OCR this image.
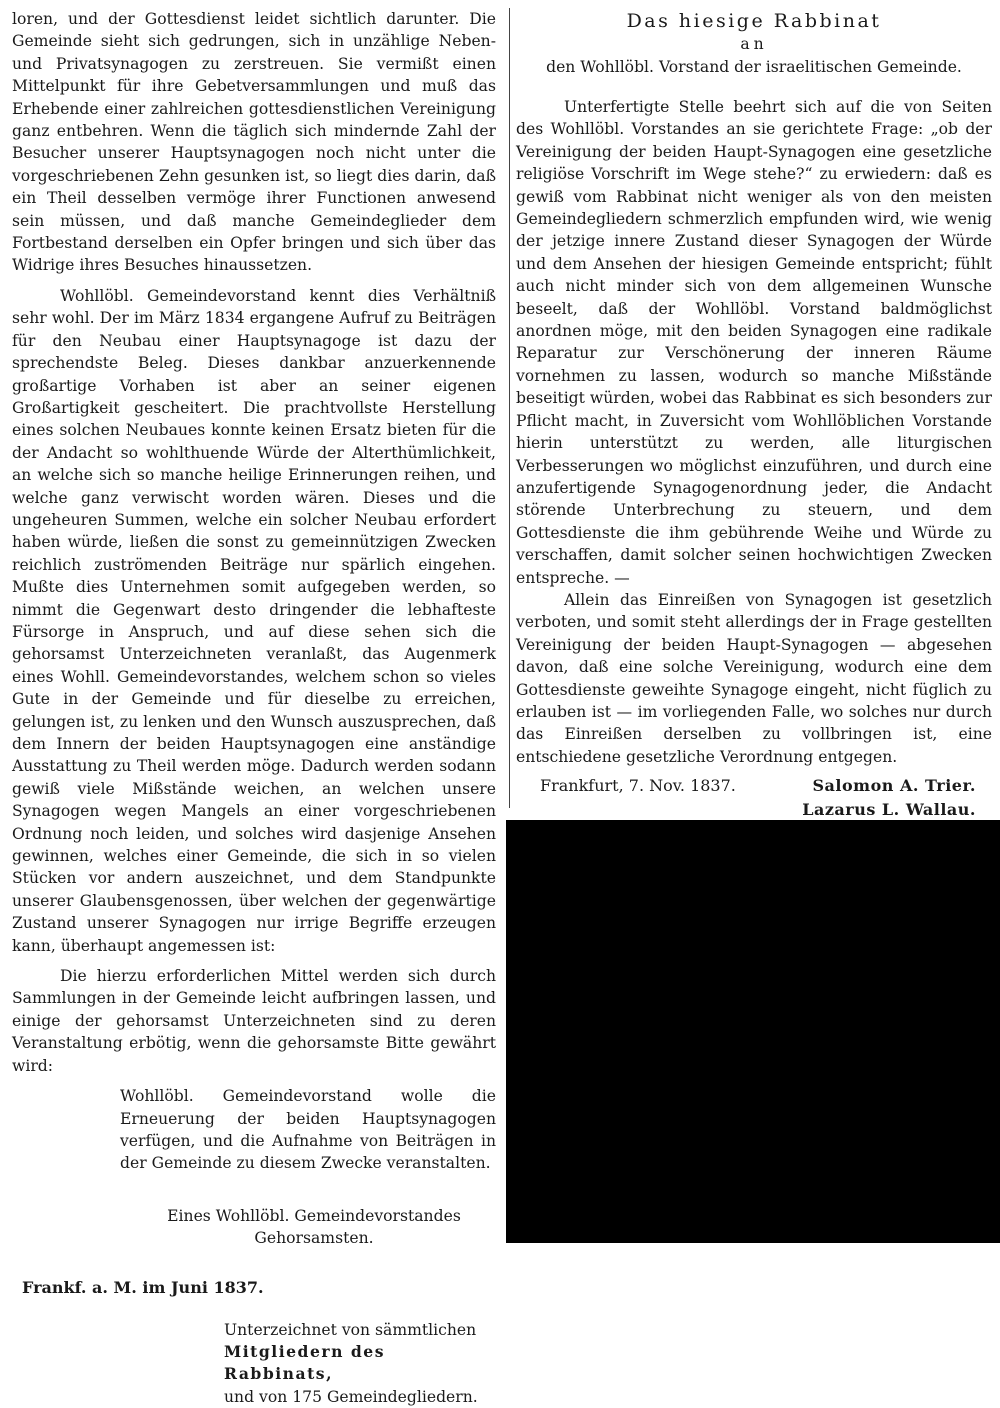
loren, und der Gottesdienst leidet sichtlich darunter. Die Gemeinde sieht sich gedrungen, sich in unzählige Neben- und Privatsynagogen zu zerstreuen. Sie vermißt einen Mittelpunkt für ihre Gebetversammlungen und muß das Erhebende einer zahlreichen gottesdienstlichen Vereinigung ganz entbehren. Wenn die täglich sich mindernde Zahl der Besucher unserer Hauptsynagogen noch nicht unter die vorgeschriebenen Zehn gesunken ist, so liegt dies darin, daß ein Theil desselben vermöge ihrer Functionen anwesend sein müssen, und daß manche Gemeindeglieder dem Fortbestand derselben ein Opfer bringen und sich über das Widrige ihres Besuches hinaussetzen.

Wohllöbl. Gemeindevorstand kennt dies Verhältniß sehr wohl. Der im März 1834 ergangene Aufruf zu Beiträgen für den Neubau einer Hauptsynagoge ist dazu der sprechendste Beleg. Dieses dankbar anzuerkennende großartige Vorhaben ist aber an seiner eigenen Großartigkeit gescheitert. Die prachtvollste Herstellung eines solchen Neubaues konnte keinen Ersatz bieten für die der Andacht so wohlthuende Würde der Alterthümlichkeit, an welche sich so manche heilige Erinnerungen reihen, und welche ganz verwischt worden wären. Dieses und die ungeheuren Summen, welche ein solcher Neubau erfordert haben würde, ließen die sonst zu gemeinnützigen Zwecken reichlich zuströmenden Beiträge nur spärlich eingehen. Mußte dies Unternehmen somit aufgegeben werden, so nimmt die Gegenwart desto dringender die lebhafteste Fürsorge in Anspruch, und auf diese sehen sich die gehorsamst Unterzeichneten veranlaßt, das Augenmerk eines Wohll. Gemeindevorstandes, welchem schon so vieles Gute in der Gemeinde und für dieselbe zu erreichen, gelungen ist, zu lenken und den Wunsch auszusprechen, daß dem Innern der beiden Hauptsynagogen eine anständige Ausstattung zu Theil werden möge. Dadurch werden sodann gewiß viele Mißstände weichen, an welchen unsere Synagogen wegen Mangels an einer vorgeschriebenen Ordnung noch leiden, und solches wird dasjenige Ansehen gewinnen, welches einer Gemeinde, die sich in so vielen Stücken vor andern auszeichnet, und dem Standpunkte unserer Glaubensgenossen, über welchen der gegenwärtige Zustand unserer Synagogen nur irrige Begriffe erzeugen kann, überhaupt angemessen ist:

Die hierzu erforderlichen Mittel werden sich durch Sammlungen in der Gemeinde leicht aufbringen lassen, und einige der gehorsamst Unterzeichneten sind zu deren Veranstaltung erbötig, wenn die gehorsamste Bitte gewährt wird:

Wohllöbl. Gemeindevorstand wolle die Erneuerung der beiden Hauptsynagogen verfügen, und die Aufnahme von Beiträgen in der Gemeinde zu diesem Zwecke veranstalten.

Eines Wohllöbl. Gemeindevorstandes
Gehorsamsten.
Frankf. a. M. im Juni 1837.
Unterzeichnet von sämmtlichen
Mitgliedern des Rabbinats,
und von 175 Gemeindegliedern.

Das hiesige Rabbinat

an

den Wohllöbl. Vorstand der israelitischen Gemeinde.

Unterfertigte Stelle beehrt sich auf die von Seiten des Wohllöbl. Vorstandes an sie gerichtete Frage: „ob der Vereinigung der beiden Haupt-Synagogen eine gesetzliche religiöse Vorschrift im Wege stehe?“ zu erwiedern: daß es gewiß vom Rabbinat nicht weniger als von den meisten Gemeindegliedern schmerzlich empfunden wird, wie wenig der jetzige innere Zustand dieser Synagogen der Würde und dem Ansehen der hiesigen Gemeinde entspricht; fühlt auch nicht minder sich von dem allgemeinen Wunsche beseelt, daß der Wohllöbl. Vorstand baldmöglichst anordnen möge, mit den beiden Synagogen eine radikale Reparatur zur Verschönerung der inneren Räume vornehmen zu lassen, wodurch so manche Mißstände beseitigt würden, wobei das Rabbinat es sich besonders zur Pflicht macht, in Zuversicht vom Wohllöblichen Vorstande hierin unterstützt zu werden, alle liturgischen Verbesserungen wo möglichst einzuführen, und durch eine anzufertigende Synagogenordnung jeder, die Andacht störende Unterbrechung zu steuern, und dem Gottesdienste die ihm gebührende Weihe und Würde zu verschaffen, damit solcher seinen hochwichtigen Zwecken entspreche. —

Allein das Einreißen von Synagogen ist gesetzlich verboten, und somit steht allerdings der in Frage gestellten Vereinigung der beiden Haupt-Synagogen — abgesehen davon, daß eine solche Vereinigung, wodurch eine dem Gottesdienste geweihte Synagoge eingeht, nicht füglich zu erlauben ist — im vorliegenden Falle, wo solches nur durch das Einreißen derselben zu vollbringen ist, eine entschiedene gesetzliche Verordnung entgegen.

Frankfurt, 7. Nov. 1837.	Salomon A. Trier.
Lazarus L. Wallau.
